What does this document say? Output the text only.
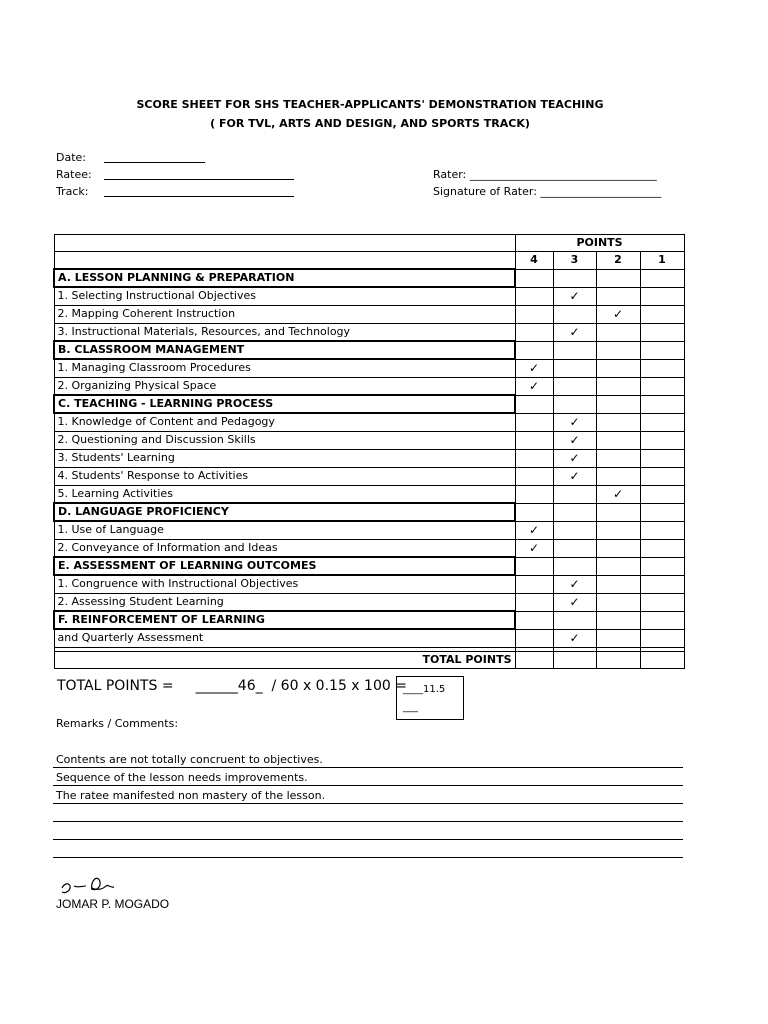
SCORE SHEET FOR SHS TEACHER-APPLICANTS' DEMONSTRATION TEACHING
( FOR TVL, ARTS AND DESIGN, AND SPORTS TRACK)
Date:
Ratee:
Track:
Rater: __________________________________
Signature of Rater: ______________________
	POINTS			
	4	3	2	1
A. LESSON PLANNING & PREPARATION				
1. Selecting Instructional Objectives		✓		
2. Mapping Coherent Instruction			✓	
3. Instructional Materials, Resources, and Technology		✓		
B. CLASSROOM MANAGEMENT				
1. Managing Classroom Procedures	✓			
2. Organizing Physical Space	✓			
C. TEACHING - LEARNING PROCESS				
1. Knowledge of Content and Pedagogy		✓		
2. Questioning and Discussion Skills		✓		
3. Students' Learning		✓		
4. Students' Response to Activities		✓		
5. Learning Activities			✓	
D. LANGUAGE PROFICIENCY				
1. Use of Language	✓			
2. Conveyance of Information and Ideas	✓			
E. ASSESSMENT OF LEARNING OUTCOMES				
1. Congruence with Instructional Objectives		✓		
2. Assessing Student Learning		✓		
F. REINFORCEMENT OF LEARNING				
and Quarterly Assessment		✓		

TOTAL POINTS				
TOTAL POINTS =     ______46_  / 60 x 0.15 x 100 =
____11.5
___
Remarks / Comments:
Contents are not totally concruent to objectives.
Sequence of the lesson needs improvements.
The ratee manifested non mastery of the lesson.
JOMAR P. MOGADO
